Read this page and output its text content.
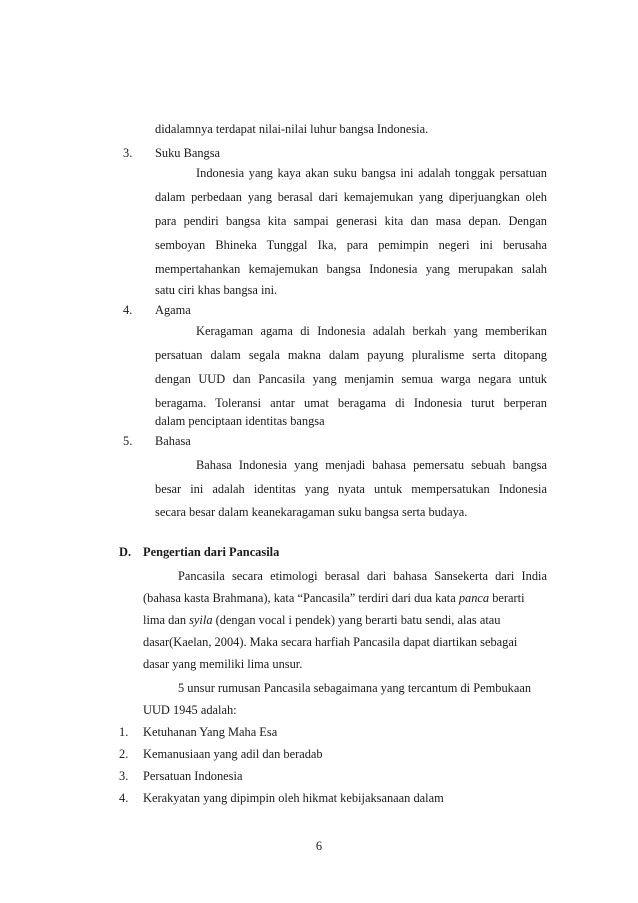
didalamnya terdapat nilai-nilai luhur bangsa Indonesia.
3.	Suku Bangsa
Indonesia yang kaya akan suku bangsa ini adalah tonggak persatuan
dalam perbedaan yang berasal dari kemajemukan yang diperjuangkan oleh
para pendiri bangsa kita sampai generasi kita dan masa depan. Dengan
semboyan Bhineka Tunggal Ika, para pemimpin negeri ini berusaha
mempertahankan kemajemukan bangsa Indonesia yang merupakan salah
satu ciri khas bangsa ini.
4.	Agama
Keragaman agama di Indonesia adalah berkah yang memberikan
persatuan dalam segala makna dalam payung pluralisme serta ditopang
dengan UUD dan Pancasila yang menjamin semua warga negara untuk
beragama. Toleransi antar umat beragama di Indonesia turut berperan
dalam penciptaan identitas bangsa
5.	Bahasa
Bahasa Indonesia yang menjadi bahasa pemersatu sebuah bangsa
besar ini adalah identitas yang nyata untuk mempersatukan Indonesia
secara besar dalam keanekaragaman suku bangsa serta budaya.
D. Pengertian dari Pancasila
Pancasila secara etimologi berasal dari bahasa Sansekerta dari India
(bahasa kasta Brahmana), kata “Pancasila” terdiri dari dua kata panca berarti
lima dan syila (dengan vocal i pendek) yang berarti batu sendi, alas atau
dasar(Kaelan, 2004). Maka secara harfiah Pancasila dapat diartikan sebagai
dasar yang memiliki lima unsur.
5 unsur rumusan Pancasila sebagaimana yang tercantum di Pembukaan
UUD 1945 adalah:
1.	Ketuhanan Yang Maha Esa
2.	Kemanusiaan yang adil dan beradab
3.	Persatuan Indonesia
4.	Kerakyatan yang dipimpin oleh hikmat kebijaksanaan dalam
6
